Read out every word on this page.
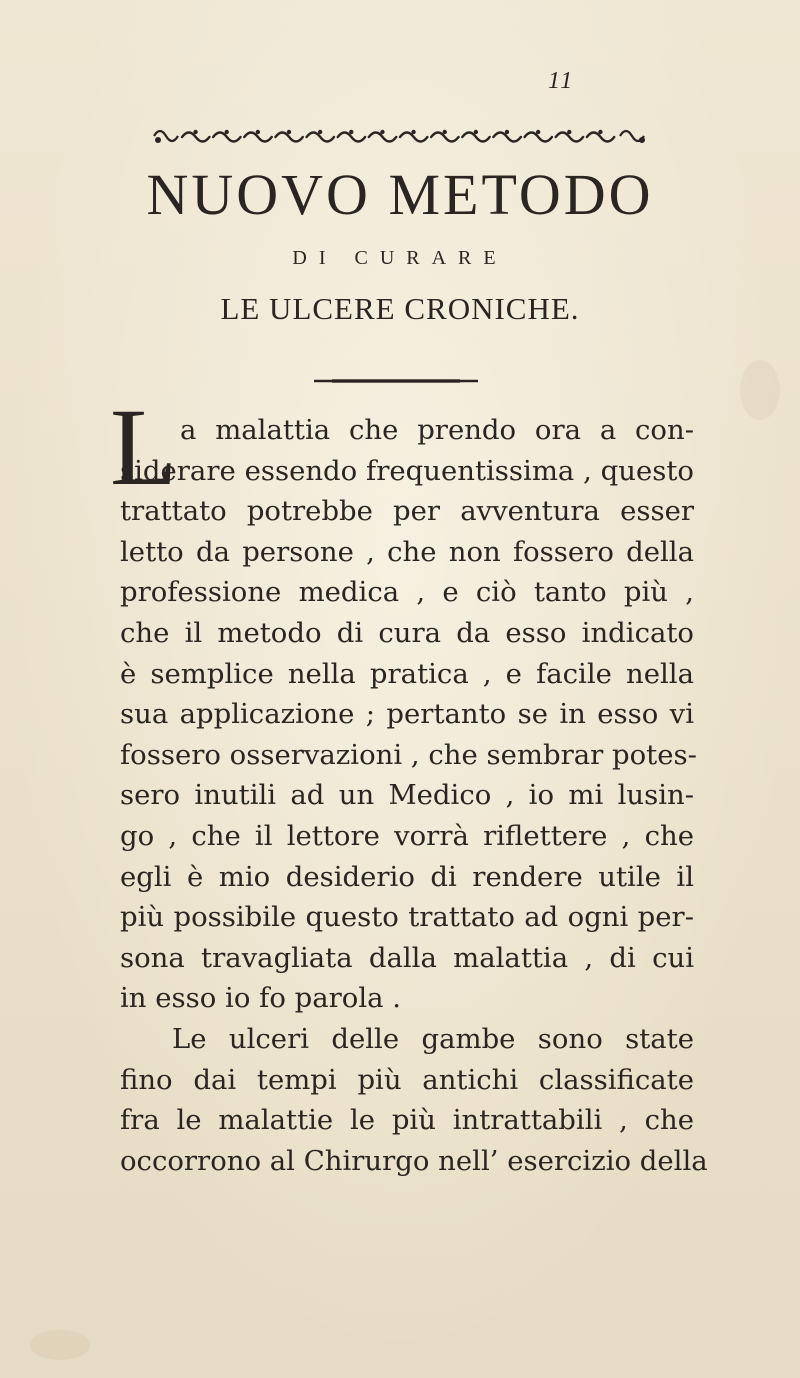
11
NUOVO METODO
DI CURARE
LE ULCERE CRONICHE.
L a malattia che prendo ora a con-
siderare essendo frequentissima , questo
trattato potrebbe per avventura esser
letto da persone , che non fossero della
professione medica , e ciò tanto più ,
che il metodo di cura da esso indicato
è semplice nella pratica , e facile nella
sua applicazione ; pertanto se in esso vi
fossero osservazioni , che sembrar potes-
sero inutili ad un Medico , io mi lusin-
go , che il lettore vorrà riflettere , che
egli è mio desiderio di rendere utile il
più possibile questo trattato ad ogni per-
sona travagliata dalla malattia , di cui
in esso io fo parola .
Le ulceri delle gambe sono state
fino dai tempi più antichi classificate
fra le malattie le più intrattabili , che
occorrono al Chirurgo nell’ esercizio della
